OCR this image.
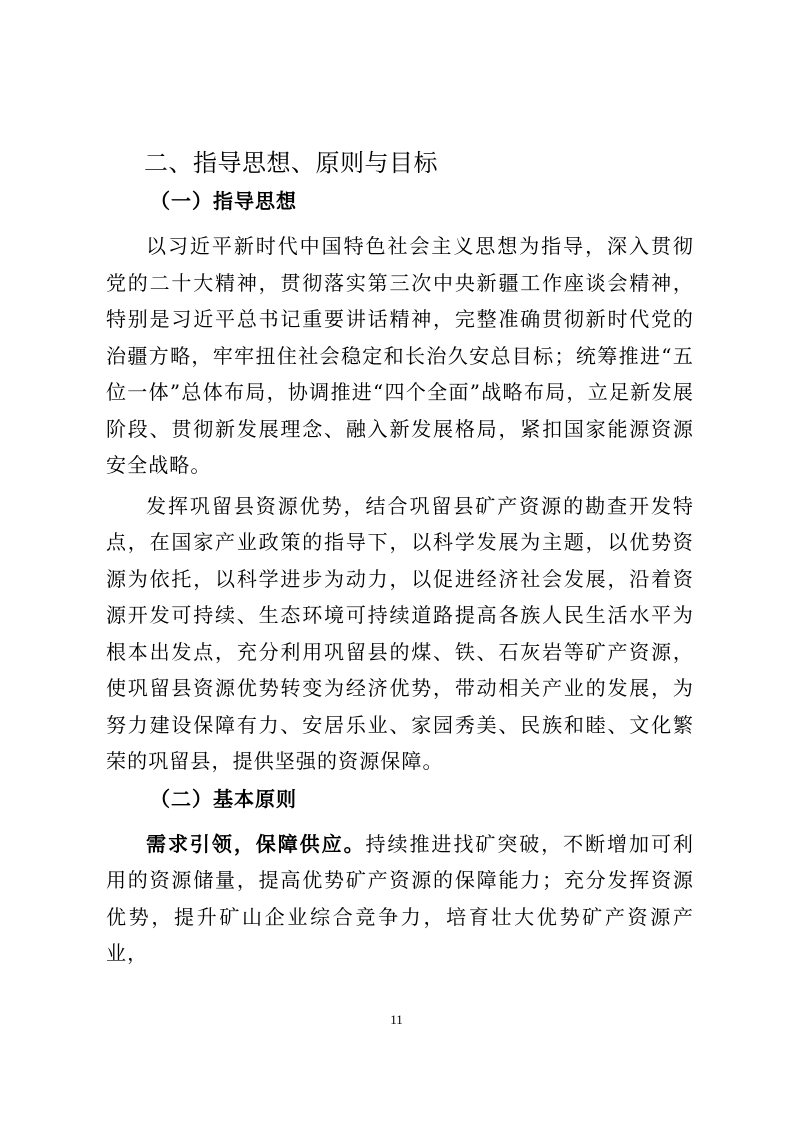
二、指导思想、原则与目标
（一）指导思想

以习近平新时代中国特色社会主义思想为指导，深入贯彻党的二十大精神，贯彻落实第三次中央新疆工作座谈会精神，特别是习近平总书记重要讲话精神，完整准确贯彻新时代党的治疆方略，牢牢扭住社会稳定和长治久安总目标；统筹推进“五位一体”总体布局，协调推进“四个全面”战略布局，立足新发展阶段、贯彻新发展理念、融入新发展格局，紧扣国家能源资源安全战略。

发挥巩留县资源优势，结合巩留县矿产资源的勘查开发特点，在国家产业政策的指导下，以科学发展为主题，以优势资源为依托，以科学进步为动力，以促进经济社会发展，沿着资源开发可持续、生态环境可持续道路提高各族人民生活水平为根本出发点，充分利用巩留县的煤、铁、石灰岩等矿产资源，使巩留县资源优势转变为经济优势，带动相关产业的发展，为努力建设保障有力、安居乐业、家园秀美、民族和睦、文化繁荣的巩留县，提供坚强的资源保障。

（二）基本原则

需求引领，保障供应。持续推进找矿突破，不断增加可利用的资源储量，提高优势矿产资源的保障能力；充分发挥资源优势，提升矿山企业综合竞争力，培育壮大优势矿产资源产业，

11
